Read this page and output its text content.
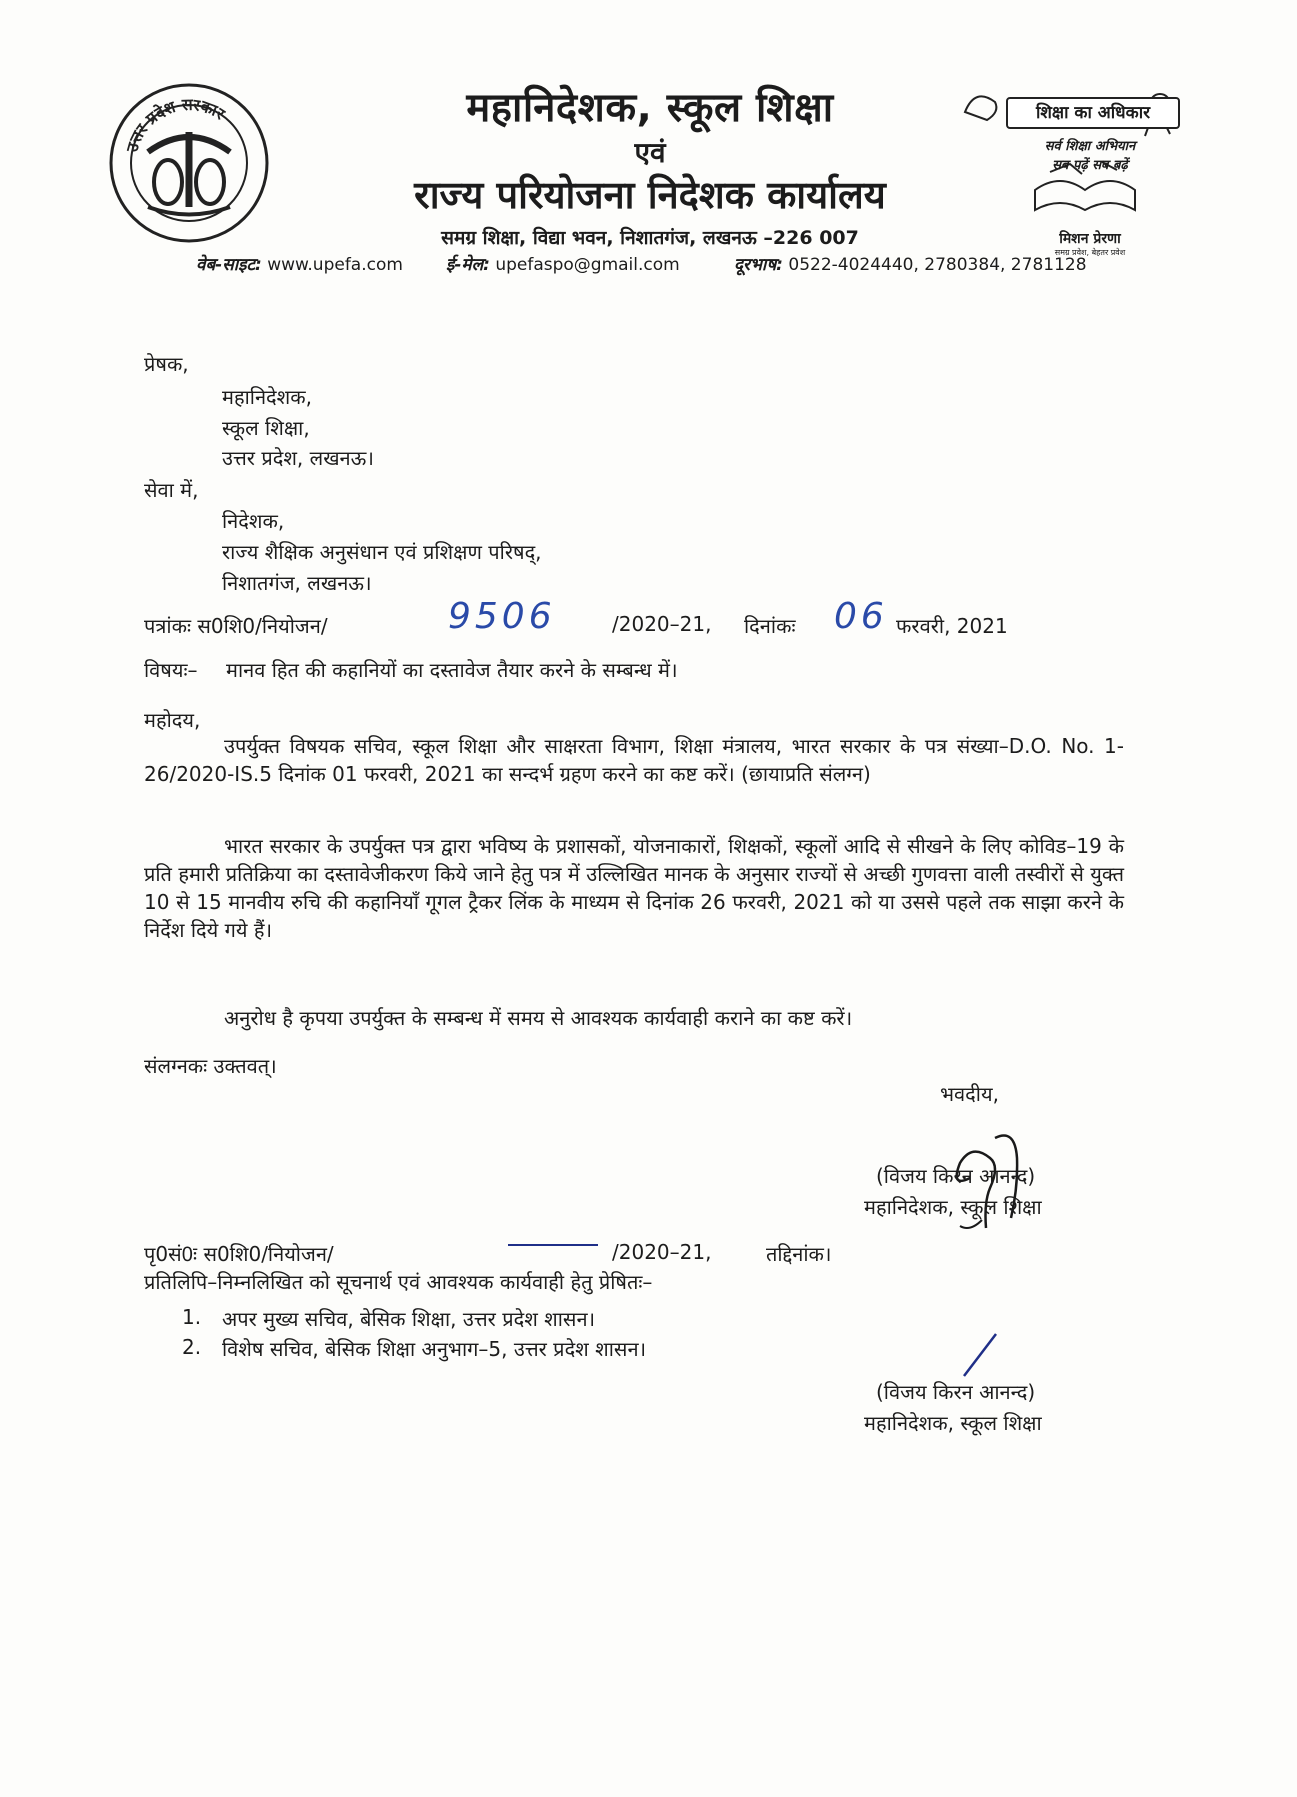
उत्तर प्रदेश सरकार	महानिदेशक, स्कूल शिक्षा
एवं
राज्य परियोजना निदेशक कार्यालय
समग्र शिक्षा, विद्या भवन, निशातगंज, लखनऊ –226 007
वेब-साइट: www.upefa.com	ई-मेल: upefaspo@gmail.com	दूरभाष: 0522-4024440, 2780384, 2781128
शिक्षा का अधिकार
सर्व शिक्षा अभियान
सब पढ़ें सब बढ़ें
मिशन प्रेरणा
समग्र प्रवेश, बेहतर प्रवेश
प्रेषक,
महानिदेशक,
स्कूल शिक्षा,
उत्तर प्रदेश, लखनऊ।
सेवा में,
निदेशक,
राज्य शैक्षिक अनुसंधान एवं प्रशिक्षण परिषद्,
निशातगंज, लखनऊ।
पत्रांकः स0शि0/नियोजन/	9506	/2020–21, दिनांकः 06 फरवरी, 2021
विषयः– मानव हित की कहानियों का दस्तावेज तैयार करने के सम्बन्ध में।
महोदय,
उपर्युक्त विषयक सचिव, स्कूल शिक्षा और साक्षरता विभाग, शिक्षा मंत्रालय, भारत सरकार के पत्र संख्या–D.O. No. 1-26/2020-IS.5 दिनांक 01 फरवरी, 2021 का सन्दर्भ ग्रहण करने का कष्ट करें। (छायाप्रति संलग्न)
भारत सरकार के उपर्युक्त पत्र द्वारा भविष्य के प्रशासकों, योजनाकारों, शिक्षकों, स्कूलों आदि से सीखने के लिए कोविड–19 के प्रति हमारी प्रतिक्रिया का दस्तावेजीकरण किये जाने हेतु पत्र में उल्लिखित मानक के अनुसार राज्यों से अच्छी गुणवत्ता वाली तस्वीरों से युक्त 10 से 15 मानवीय रुचि की कहानियाँ गूगल ट्रैकर लिंक के माध्यम से दिनांक 26 फरवरी, 2021 को या उससे पहले तक साझा करने के निर्देश दिये गये हैं।
अनुरोध है कृपया उपर्युक्त के सम्बन्ध में समय से आवश्यक कार्यवाही कराने का कष्ट करें।
संलग्नकः उक्तवत्।
भवदीय,
(विजय किरन आनन्द)
महानिदेशक, स्कूल शिक्षा
पृ0सं0ः स0शि0/नियोजन/	/2020–21,	तद्दिनांक।
प्रतिलिपि–निम्नलिखित को सूचनार्थ एवं आवश्यक कार्यवाही हेतु प्रेषितः–
1. अपर मुख्य सचिव, बेसिक शिक्षा, उत्तर प्रदेश शासन।
2. विशेष सचिव, बेसिक शिक्षा अनुभाग–5, उत्तर प्रदेश शासन।
(विजय किरन आनन्द)
महानिदेशक, स्कूल शिक्षा
